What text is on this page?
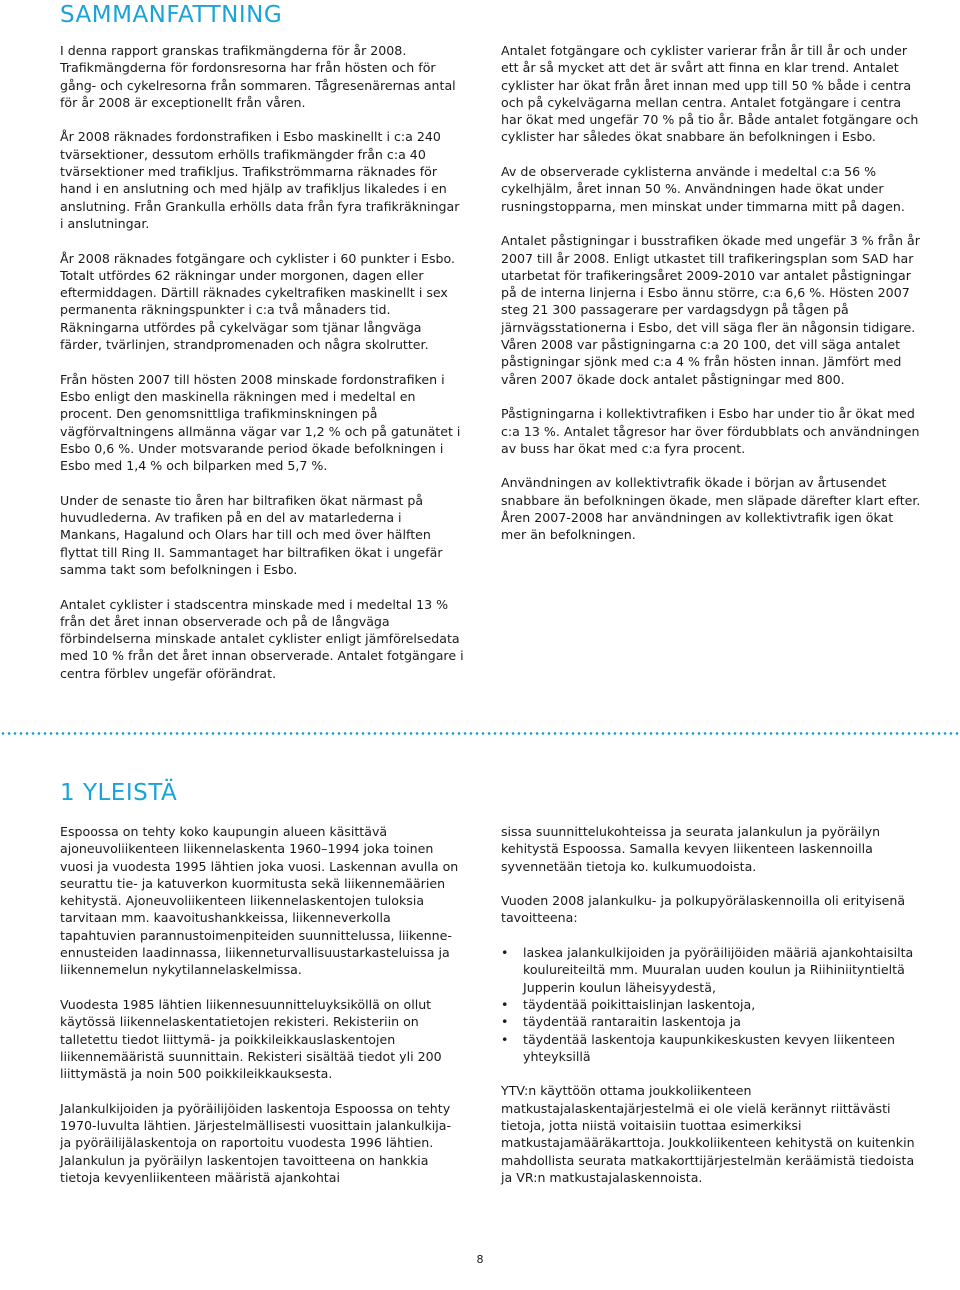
SAMMANFATTNING

I denna rapport granskas trafikmängderna för år 2008. Trafikmängderna för fordonsresorna har från hösten och för gång- och cykelresorna från sommaren. Tågresenärernas antal för år 2008 är exceptionellt från våren.

År 2008 räknades fordonstrafiken i Esbo maskinellt i c:a 240 tvärsektioner, dessutom erhölls trafikmängder från c:a 40 tvärsektioner med trafikljus. Trafikströmmarna räknades för hand i en anslutning och med hjälp av trafikljus likaledes i en anslutning. Från Grankulla erhölls data från fyra trafikräkningar i anslutningar.

År 2008 räknades fotgängare och cyklister i 60 punkter i Esbo. Totalt utfördes 62 räkningar under morgonen, dagen eller eftermiddagen. Därtill räknades cykeltrafiken maskinellt i sex permanenta räkningspunkter i c:a två månaders tid. Räkningarna utfördes på cykelvägar som tjänar långväga färder, tvärlinjen, strandpromenaden och några skolrutter.

Från hösten 2007 till hösten 2008 minskade fordonstrafiken i Esbo enligt den maskinella räkningen med i medeltal en procent. Den genomsnittliga trafikminskningen på vägförvaltningens allmänna vägar var 1,2 % och på gatunätet i Esbo 0,6 %. Under motsvarande period ökade befolkningen i Esbo med 1,4 % och bilparken med 5,7 %.

Under de senaste tio åren har biltrafiken ökat närmast på huvudlederna. Av trafiken på en del av matarlederna i Mankans, Hagalund och Olars har till och med över hälften flyttat till Ring II. Sammantaget har biltrafiken ökat i ungefär samma takt som befolkningen i Esbo.

Antalet cyklister i stadscentra minskade med i medeltal 13 % från det året innan observerade och på de långväga förbindelserna minskade antalet cyklister enligt jämförelsedata med 10 % från det året innan observerade. Antalet fotgängare i centra förblev ungefär oförändrat.

Antalet fotgängare och cyklister varierar från år till år och under ett år så mycket att det är svårt att finna en klar trend. Antalet cyklister har ökat från året innan med upp till 50 % både i centra och på cykelvägarna mellan centra. Antalet fotgängare i centra har ökat med ungefär 70 % på tio år. Både antalet fotgängare och cyklister har således ökat snabbare än befolkningen i Esbo.

Av de observerade cyklisterna använde i medeltal c:a 56 % cykelhjälm, året innan 50 %. Användningen hade ökat under rusningstopparna, men minskat under timmarna mitt på dagen.

Antalet påstigningar i busstrafiken ökade med ungefär 3 % från år 2007 till år 2008. Enligt utkastet till trafikeringsplan som SAD har utarbetat för trafikeringsåret 2009-2010 var antalet påstigningar på de interna linjerna i Esbo ännu större, c:a 6,6 %. Hösten 2007 steg 21 300 passagerare per vardagsdygn på tågen på järnvägsstationerna i Esbo, det vill säga fler än någonsin tidigare. Våren 2008 var påstigningarna c:a 20 100, det vill säga antalet påstigningar sjönk med c:a 4 % från hösten innan. Jämfört med våren 2007 ökade dock antalet påstigningar med 800.

Påstigningarna i kollektivtrafiken i Esbo har under tio år ökat med c:a 13 %. Antalet tågresor har över fördubblats och användningen av buss har ökat med c:a fyra procent.

Användningen av kollektivtrafik ökade i början av årtusendet snabbare än befolkningen ökade, men släpade därefter klart efter. Åren 2007-2008 har användningen av kollektivtrafik igen ökat mer än befolkningen.

1 YLEISTÄ

Espoossa on tehty koko kaupungin alueen käsittävä ajoneuvoliikenteen liikennelaskenta 1960–1994 joka toinen vuosi ja vuodesta 1995 lähtien joka vuosi. Laskennan avulla on seurattu tie- ja katuverkon kuormitusta sekä liikennemäärien kehitystä. Ajoneuvoliikenteen liikennelaskentojen tuloksia tarvitaan mm. kaavoitushankkeissa, liikenneverkolla tapahtuvien parannustoimenpiteiden suunnittelussa, liikenne-ennusteiden laadinnassa, liikenneturvallisuustarkasteluissa ja liikennemelun nykytilannelaskelmissa.

Vuodesta 1985 lähtien liikennesuunnitteluyksiköllä on ollut käytössä liikennelaskentatietojen rekisteri. Rekisteriin on talletettu tiedot liittymä- ja poikkileikkauslaskentojen liikennemääristä suunnittain. Rekisteri sisältää tiedot yli 200 liittymästä ja noin 500 poikkileikkauksesta.

Jalankulkijoiden ja pyöräilijöiden laskentoja Espoossa on tehty 1970-luvulta lähtien. Järjestelmällisesti vuosittain jalankulkija- ja pyöräilijälaskentoja on raportoitu vuodesta 1996 lähtien. Jalankulun ja pyöräilyn laskentojen tavoitteena on hankkia tietoja kevyenliikenteen määristä ajankohtai

sissa suunnittelukohteissa ja seurata jalankulun ja pyöräilyn kehitystä Espoossa. Samalla kevyen liikenteen laskennoilla syvennetään tietoja ko. kulkumuodoista.

Vuoden 2008 jalankulku- ja polkupyörälaskennoilla oli erityisenä tavoitteena:

• laskea jalankulkijoiden ja pyöräilijöiden määriä ajankohtaisilta koulureiteiltä mm. Muuralan uuden koulun ja Riihiniityntieltä Jupperin koulun läheisyydestä,
• täydentää poikittaislinjan laskentoja,
• täydentää rantaraitin laskentoja ja
• täydentää laskentoja kaupunkikeskusten kevyen liikenteen yhteyksillä

YTV:n käyttöön ottama joukkoliikenteen matkustajalaskentajärjestelmä ei ole vielä kerännyt riittävästi tietoja, jotta niistä voitaisiin tuottaa esimerkiksi matkustajamääräkarttoja. Joukkoliikenteen kehitystä on kuitenkin mahdollista seurata matkakorttijärjestelmän keräämistä tiedoista ja VR:n matkustajalaskennoista.

8
